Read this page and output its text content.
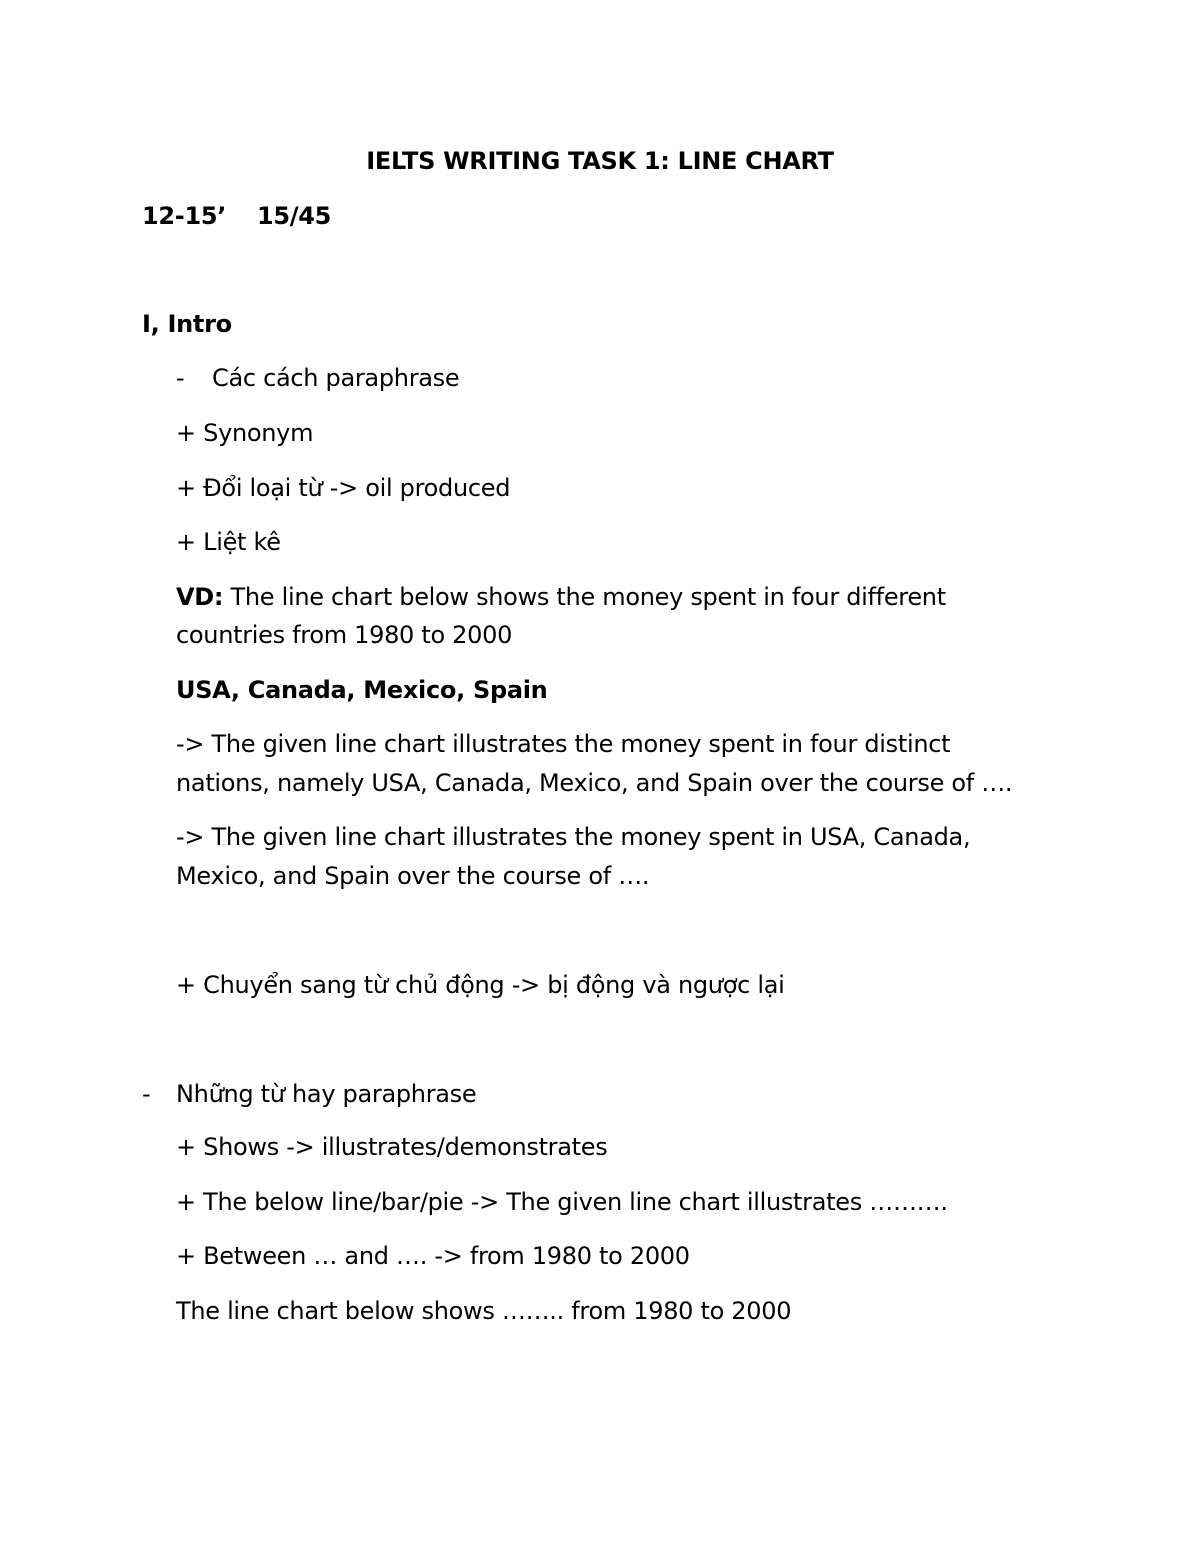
IELTS WRITING TASK 1: LINE CHART
12-15’ 15/45
I, Intro
- Các cách paraphrase
+ Synonym
+ Đổi loại từ -> oil produced
+ Liệt kê
VD: The line chart below shows the money spent in four different
countries from 1980 to 2000
USA, Canada, Mexico, Spain
-> The given line chart illustrates the money spent in four distinct
nations, namely USA, Canada, Mexico, and Spain over the course of ….
-> The given line chart illustrates the money spent in USA, Canada,
Mexico, and Spain over the course of ….
+ Chuyển sang từ chủ động -> bị động và ngược lại
- Những từ hay paraphrase
+ Shows -> illustrates/demonstrates
+ The below line/bar/pie -> The given line chart illustrates ……….
+ Between … and …. -> from 1980 to 2000
The line chart below shows …….. from 1980 to 2000
